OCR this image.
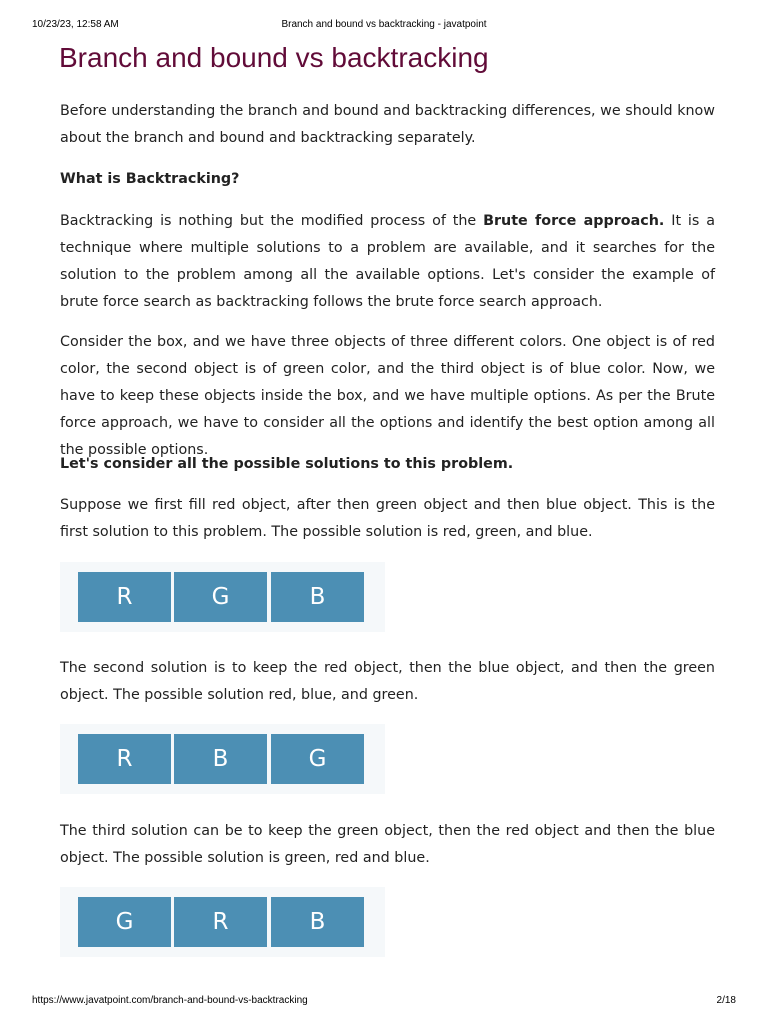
10/23/23, 12:58 AM	Branch and bound vs backtracking - javatpoint
Branch and bound vs backtracking

Before understanding the branch and bound and backtracking differences, we should know about the branch and bound and backtracking separately.

What is Backtracking?

Backtracking is nothing but the modified process of the Brute force approach. It is a technique where multiple solutions to a problem are available, and it searches for the solution to the problem among all the available options. Let's consider the example of brute force search as backtracking follows the brute force search approach.

Consider the box, and we have three objects of three different colors. One object is of red color, the second object is of green color, and the third object is of blue color. Now, we have to keep these objects inside the box, and we have multiple options. As per the Brute force approach, we have to consider all the options and identify the best option among all the possible options.

Let's consider all the possible solutions to this problem.

Suppose we first fill red object, after then green object and then blue object. This is the first solution to this problem. The possible solution is red, green, and blue.

R	G	B

The second solution is to keep the red object, then the blue object, and then the green object. The possible solution red, blue, and green.

R	B	G

The third solution can be to keep the green object, then the red object and then the blue object. The possible solution is green, red and blue.

G	R	B
https://www.javatpoint.com/branch-and-bound-vs-backtracking	2/18
